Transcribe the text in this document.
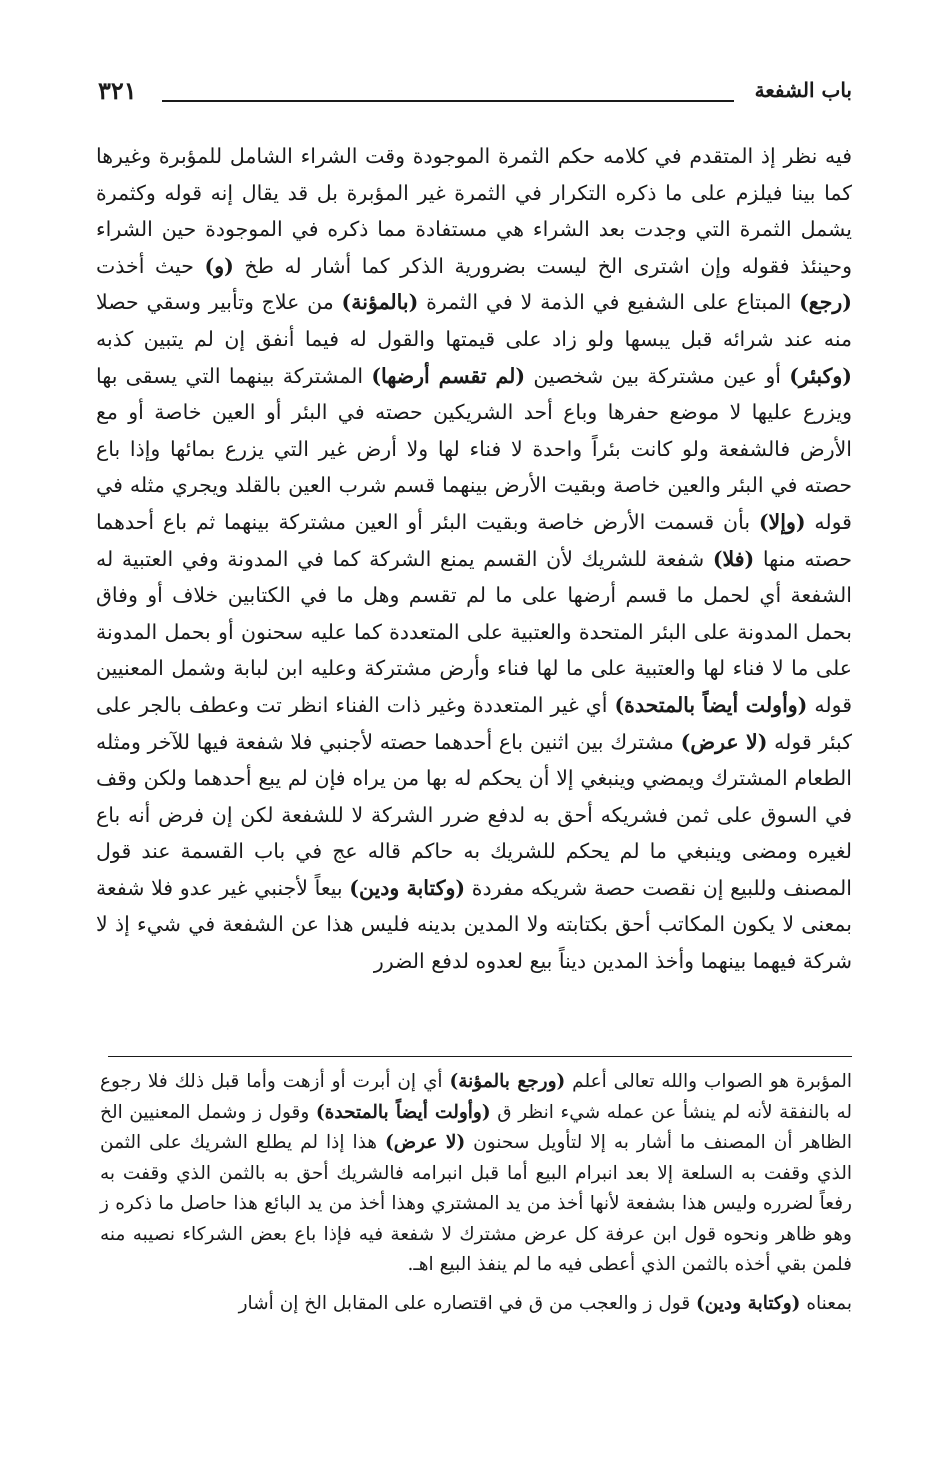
باب الشفعة
٣٢١

فيه نظر إذ المتقدم في كلامه حكم الثمرة الموجودة وقت الشراء الشامل للمؤبرة وغيرها كما بينا فيلزم على ما ذكره التكرار في الثمرة غير المؤبرة بل قد يقال إنه قوله وكثمرة يشمل الثمرة التي وجدت بعد الشراء هي مستفادة مما ذكره في الموجودة حين الشراء وحينئذ فقوله وإن اشترى الخ ليست بضرورية الذكر كما أشار له طخ (و) حيث أخذت (رجع) المبتاع على الشفيع في الذمة لا في الثمرة (بالمؤنة) من علاج وتأبير وسقي حصلا منه عند شرائه قبل يبسها ولو زاد على قيمتها والقول له فيما أنفق إن لم يتبين كذبه (وكبئر) أو عين مشتركة بين شخصين (لم تقسم أرضها) المشتركة بينهما التي يسقى بها ويزرع عليها لا موضع حفرها وباع أحد الشريكين حصته في البئر أو العين خاصة أو مع الأرض فالشفعة ولو كانت بئراً واحدة لا فناء لها ولا أرض غير التي يزرع بمائها وإذا باع حصته في البئر والعين خاصة وبقيت الأرض بينهما قسم شرب العين بالقلد ويجري مثله في قوله (وإلا) بأن قسمت الأرض خاصة وبقيت البئر أو العين مشتركة بينهما ثم باع أحدهما حصته منها (فلا) شفعة للشريك لأن القسم يمنع الشركة كما في المدونة وفي العتبية له الشفعة أي لحمل ما قسم أرضها على ما لم تقسم وهل ما في الكتابين خلاف أو وفاق بحمل المدونة على البئر المتحدة والعتبية على المتعددة كما عليه سحنون أو بحمل المدونة على ما لا فناء لها والعتبية على ما لها فناء وأرض مشتركة وعليه ابن لبابة وشمل المعنيين قوله (وأولت أيضاً بالمتحدة) أي غير المتعددة وغير ذات الفناء انظر تت وعطف بالجر على كبئر قوله (لا عرض) مشترك بين اثنين باع أحدهما حصته لأجنبي فلا شفعة فيها للآخر ومثله الطعام المشترك ويمضي وينبغي إلا أن يحكم له بها من يراه فإن لم يبع أحدهما ولكن وقف في السوق على ثمن فشريكه أحق به لدفع ضرر الشركة لا للشفعة لكن إن فرض أنه باع لغيره ومضى وينبغي ما لم يحكم للشريك به حاكم قاله عج في باب القسمة عند قول المصنف وللبيع إن نقصت حصة شريكه مفردة (وكتابة ودين) بيعاً لأجنبي غير عدو فلا شفعة بمعنى لا يكون المكاتب أحق بكتابته ولا المدين بدينه فليس هذا عن الشفعة في شيء إذ لا شركة فيهما بينهما وأخذ المدين ديناً بيع لعدوه لدفع الضرر

المؤبرة هو الصواب والله تعالى أعلم (ورجع بالمؤنة) أي إن أبرت أو أزهت وأما قبل ذلك فلا رجوع له بالنفقة لأنه لم ينشأ عن عمله شيء انظر ق (وأولت أيضاً بالمتحدة) وقول ز وشمل المعنيين الخ الظاهر أن المصنف ما أشار به إلا لتأويل سحنون (لا عرض) هذا إذا لم يطلع الشريك على الثمن الذي وقفت به السلعة إلا بعد انبرام البيع أما قبل انبرامه فالشريك أحق به بالثمن الذي وقفت به رفعاً لضرره وليس هذا بشفعة لأنها أخذ من يد المشتري وهذا أخذ من يد البائع هذا حاصل ما ذكره ز وهو ظاهر ونحوه قول ابن عرفة كل عرض مشترك لا شفعة فيه فإذا باع بعض الشركاء نصيبه منه فلمن بقي أخذه بالثمن الذي أعطى فيه ما لم ينفذ البيع اهـ.

بمعناه (وكتابة ودين) قول ز والعجب من ق في اقتصاره على المقابل الخ إن أشار
